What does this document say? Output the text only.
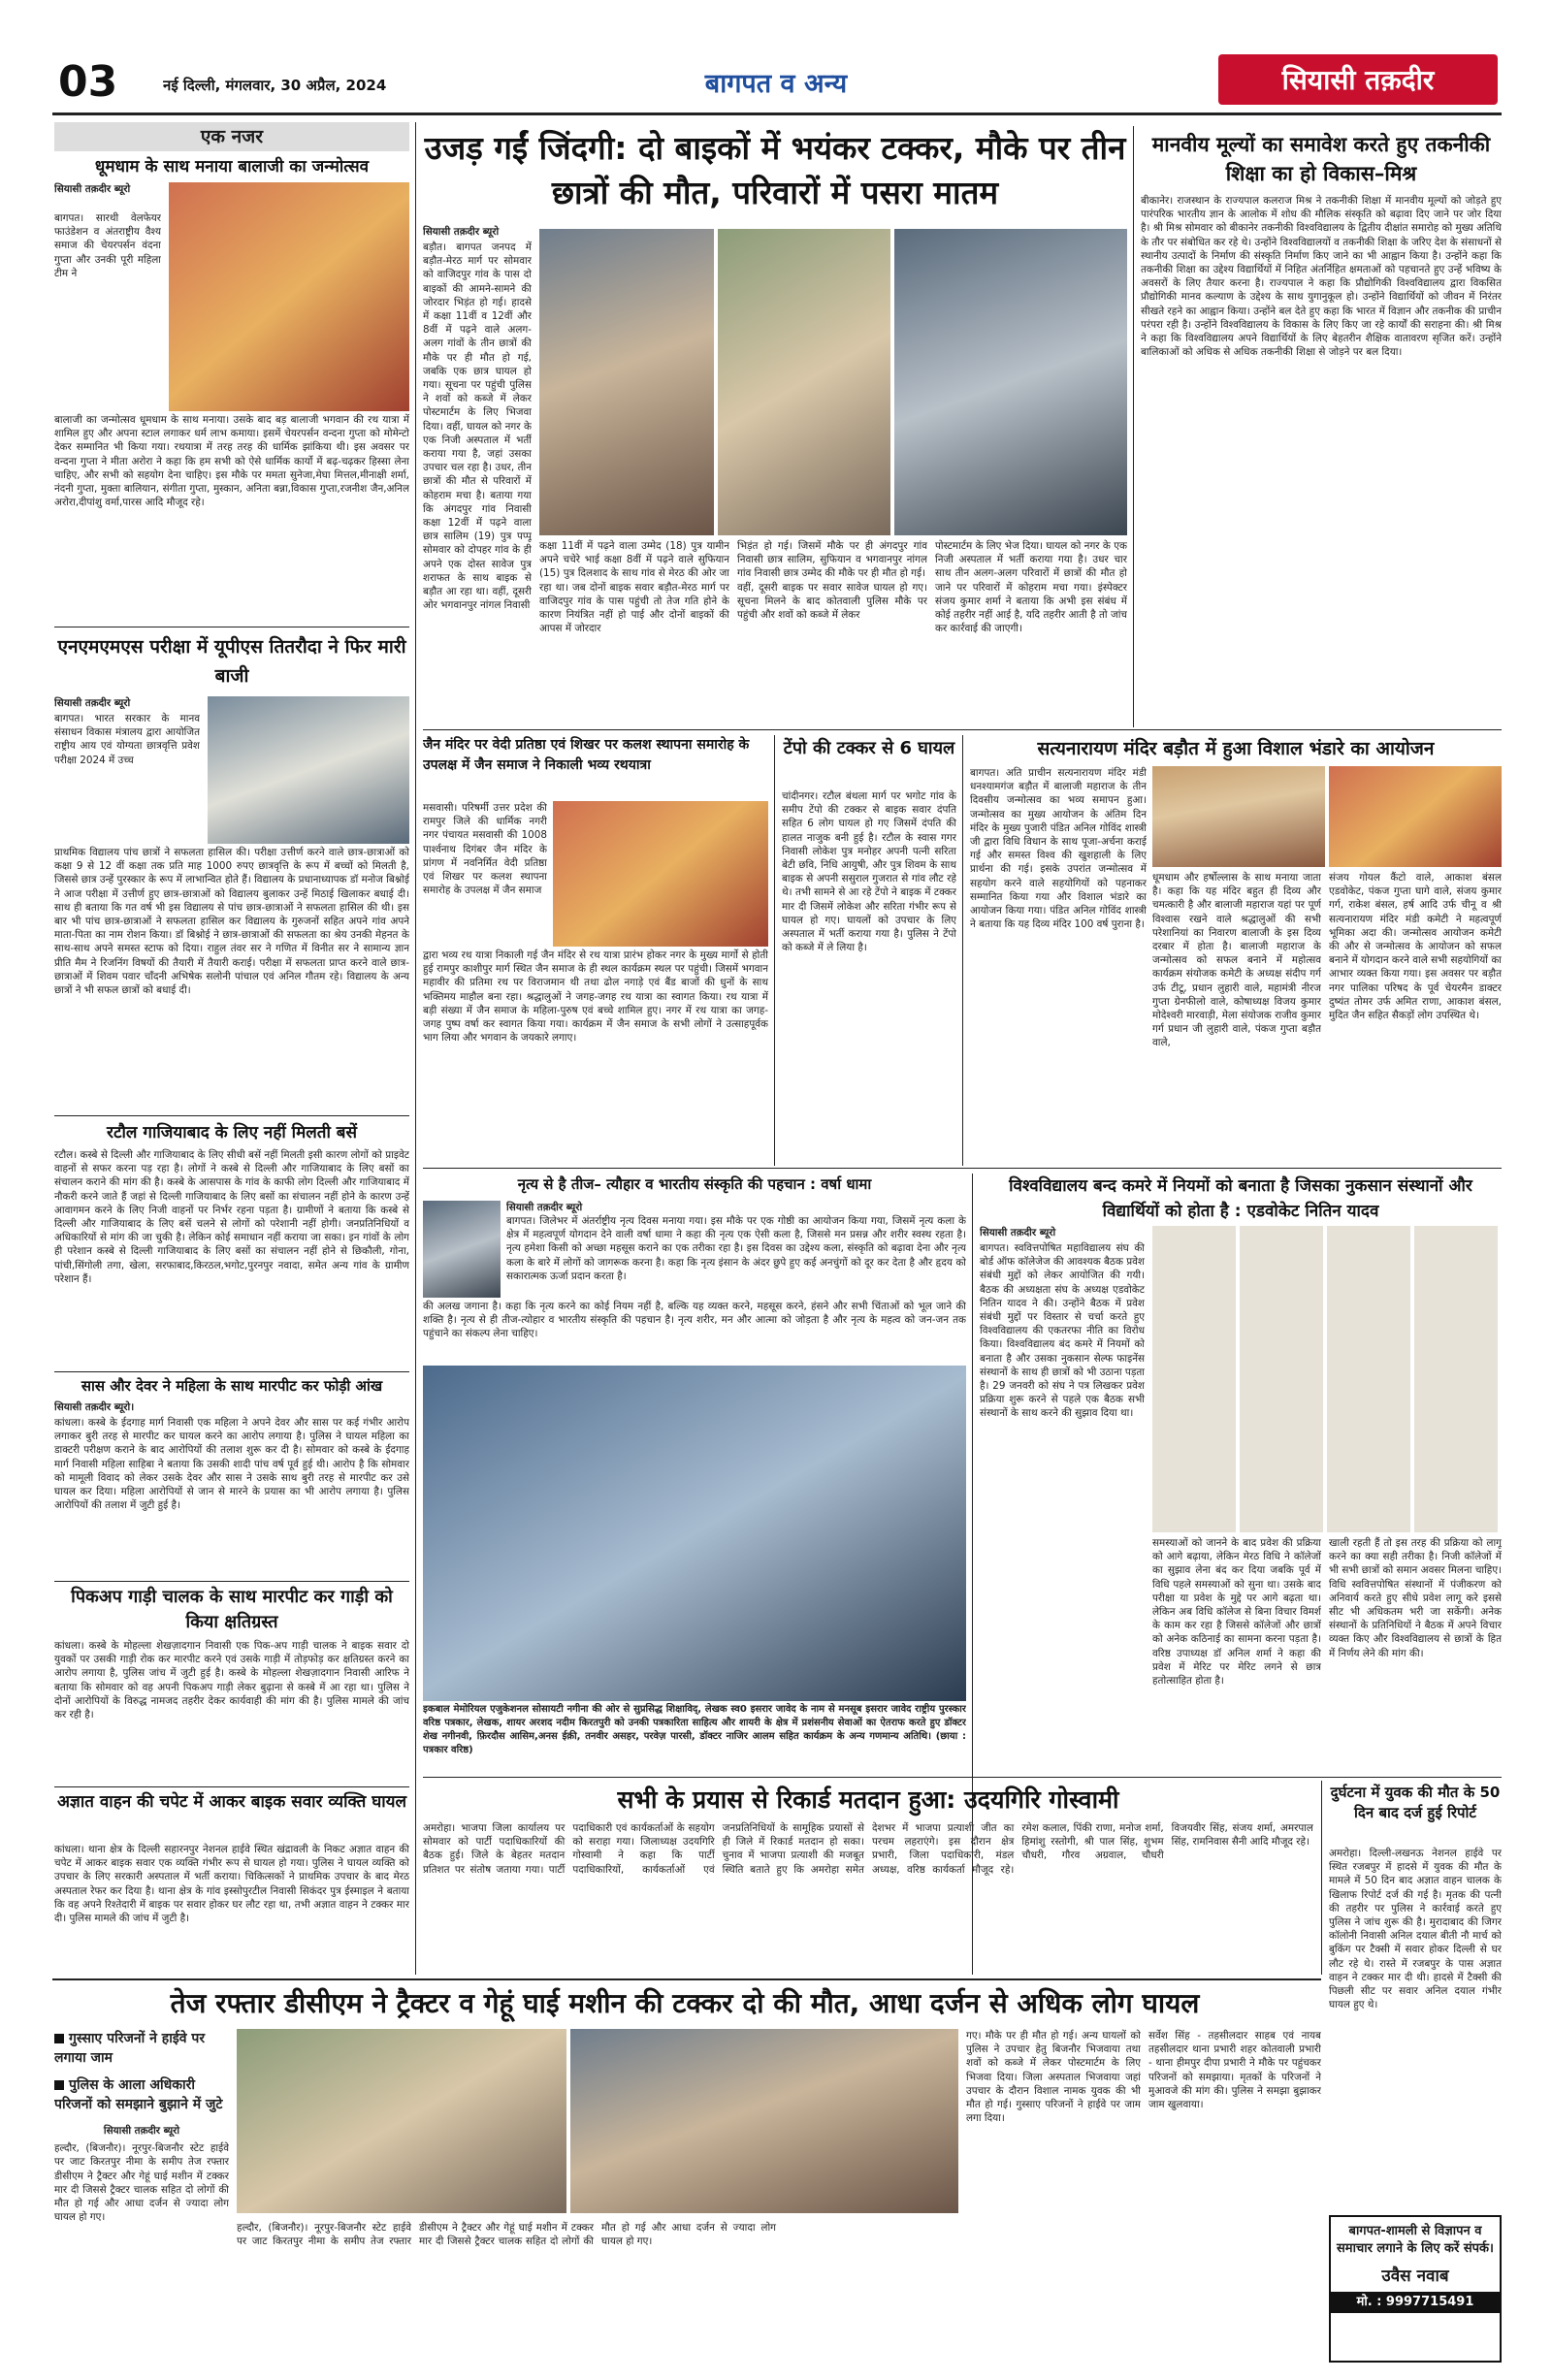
03	नई दिल्ली, मंगलवार, 30 अप्रैल, 2024	बागपत व अन्य	सियासी तक़दीर
एक नजर
धूमधाम के साथ मनाया बालाजी का जन्मोत्सव
सियासी तक़दीर ब्यूरो
बागपत। सारथी वेलफेयर फाउंडेशन व अंतराष्ट्रीय वैश्य समाज की चेयरपर्सन वंदना गुप्ता और उनकी पूरी महिला टीम ने
बालाजी का जन्मोत्सव धूमधाम के साथ मनाया। उसके बाद बड़ बालाजी भगवान की रथ यात्रा में शामिल हुए और अपना स्टाल लगाकर धर्म लाभ कमाया। इसमें चेयरपर्सन वन्दना गुप्ता को मोमेन्टो देकर सम्मानित भी किया गया। रथयात्रा में तरह तरह की धार्मिक झांकिया थी। इस अवसर पर वन्दना गुप्ता ने मीता अरोरा ने कहा कि हम सभी को ऐसे धार्मिक कार्यो में बढ़-चढ़कर हिस्सा लेना चाहिए, और सभी को सहयोग देना चाहिए। इस मौके पर ममता सुनेजा,मेघा मित्तल,मीनाक्षी शर्मा, नंदनी गुप्ता, मुक्ता बालियान, संगीता गुप्ता, मुस्कान, अनिता बन्ना,विकास गुप्ता,रजनीश जैन,अनिल अरोरा,दीपांशु वर्मा,पारस आदि मौजूद रहे।
एनएमएमएस परीक्षा में यूपीएस तितरौदा ने फिर मारी बाजी
सियासी तक़दीर ब्यूरो
बागपत। भारत सरकार के मानव संसाधन विकास मंत्रालय द्वारा आयोजित राष्ट्रीय आय एवं योग्यता छात्रवृत्ति प्रवेश परीक्षा 2024 में उच्च
प्राथमिक विद्यालय पांच छात्रों ने सफलता हासिल की। परीक्षा उत्तीर्ण करने वाले छात्र-छात्राओं को कक्षा 9 से 12 वीं कक्षा तक प्रति माह 1000 रुपए छात्रवृत्ति के रूप में बच्चों को मिलती है, जिससे छात्र उन्हें पुरस्कार के रूप में लाभान्वित होते हैं। विद्यालय के प्रधानाध्यापक डॉ मनोज बिश्नोई ने आज परीक्षा में उत्तीर्ण हुए छात्र-छात्राओं को विद्यालय बुलाकर उन्हें मिठाई खिलाकर बधाई दी। साथ ही बताया कि गत वर्ष भी इस विद्यालय से पांच छात्र-छात्राओं ने सफलता हासिल की थी। इस बार भी पांच छात्र-छात्राओं ने सफलता हासिल कर विद्यालय के गुरुजनों सहित अपने गांव अपने माता-पिता का नाम रोशन किया। डॉ बिश्नोई ने छात्र-छात्राओं की सफलता का श्रेय उनकी मेहनत के साथ-साथ अपने समस्त स्टाफ को दिया। राहुल तंवर सर ने गणित में विनीत सर ने सामान्य ज्ञान प्रीति मैम ने रिजनिंग विषयों की तैयारी में तैयारी कराई। परीक्षा में सफलता प्राप्त करने वाले छात्र-छात्राओं में शिवम पवार चाँदनी अभिषेक सलोनी पांचाल एवं अनिल गौतम रहे। विद्यालय के अन्य छात्रों ने भी सफल छात्रों को बधाई दी।
रटौल गाजियाबाद के लिए नहीं मिलती बसें
रटौल। कस्बे से दिल्ली और गाजियाबाद के लिए सीधी बसें नहीं मिलती इसी कारण लोगों को प्राइवेट वाहनों से सफर करना पड़ रहा है। लोगों ने कस्बे से दिल्ली और गाजियाबाद के लिए बसों का संचालन कराने की मांग की है। कस्बे के आसपास के गांव के काफी लोग दिल्ली और गाजियाबाद में नौकरी करने जाते हैं जहां से दिल्ली गाजियाबाद के लिए बसों का संचालन नहीं होने के कारण उन्हें आवागमन करने के लिए निजी वाहनों पर निर्भर रहना पड़ता है। ग्रामीणों ने बताया कि कस्बे से दिल्ली और गाजियाबाद के लिए बसें चलने से लोगों को परेशानी नहीं होगी। जनप्रतिनिधियों व अधिकारियों से मांग की जा चुकी है। लेकिन कोई समाधान नहीं कराया जा सका। इन गांवों के लोग ही परेशान कस्बे से दिल्ली गाजियाबाद के लिए बसों का संचालन नहीं होने से छिकौली, गोना, पांची,सिंगोली तगा, खेला, सरफाबाद,किरठल,भगोट,पुरनपुर नवादा, समेत अन्य गांव के ग्रामीण परेशान हैं।
सास और देवर ने महिला के साथ मारपीट कर फोड़ी आंख
सियासी तक़दीर ब्यूरो।
कांधला। कस्बे के ईदगाह मार्ग निवासी एक महिला ने अपने देवर और सास पर कई गंभीर आरोप लगाकर बुरी तरह से मारपीट कर घायल करने का आरोप लगाया है। पुलिस ने घायल महिला का डाक्टरी परीक्षण कराने के बाद आरोपियों की तलाश शुरू कर दी है। सोमवार को कस्बे के ईदगाह मार्ग निवासी महिला साहिबा ने बताया कि उसकी शादी पांच वर्ष पूर्व हुई थी। आरोप है कि सोमवार को मामूली विवाद को लेकर उसके देवर और सास ने उसके साथ बुरी तरह से मारपीट कर उसे घायल कर दिया। महिला आरोपियों से जान से मारने के प्रयास का भी आरोप लगाया है। पुलिस आरोपियों की तलाश में जुटी हुई है।
पिकअप गाड़ी चालक के साथ मारपीट कर गाड़ी को किया क्षतिग्रस्त
कांधला। कस्बे के मोहल्ला शेखज़ादगान निवासी एक पिक-अप गाड़ी चालक ने बाइक सवार दो युवकों पर उसकी गाड़ी रोक कर मारपीट करने एवं उसके गाड़ी में तोड़फोड़ कर क्षतिग्रस्त करने का आरोप लगाया है, पुलिस जांच में जुटी हुई है। कस्बे के मोहल्ला शेखज़ादगान निवासी आरिफ ने बताया कि सोमवार को वह अपनी पिकअप गाड़ी लेकर बुढ़ाना से कस्बे में आ रहा था। पुलिस ने दोनों आरोपियों के विरुद्ध नामजद तहरीर देकर कार्यवाही की मांग की है। पुलिस मामले की जांच कर रही है।
अज्ञात वाहन की चपेट में आकर बाइक सवार व्यक्ति घायल
कांधला। थाना क्षेत्र के दिल्ली सहारनपुर नेशनल हाईवे स्थित खंद्रावली के निकट अज्ञात वाहन की चपेट में आकर बाइक सवार एक व्यक्ति गंभीर रूप से घायल हो गया। पुलिस ने घायल व्यक्ति को उपचार के लिए सरकारी अस्पताल में भर्ती कराया। चिकित्सकों ने प्राथमिक उपचार के बाद मेरठ अस्पताल रेफर कर दिया है। थाना क्षेत्र के गांव इस्सोपुरटील निवासी सिकंदर पुत्र ईस्माइल ने बताया कि वह अपने रिश्तेदारी में बाइक पर सवार होकर घर लौट रहा था, तभी अज्ञात वाहन ने टक्कर मार दी। पुलिस मामले की जांच में जुटी है।
उजड़ गईं जिंदगी: दो बाइकों में भयंकर टक्कर, मौके पर तीन छात्रों की मौत, परिवारों में पसरा मातम
सियासी तक़दीर ब्यूरो
बड़ौत। बागपत जनपद में बड़ौत-मेरठ मार्ग पर सोमवार को वाजिदपुर गांव के पास दो बाइकों की आमने-सामने की जोरदार भिड़ंत हो गई। हादसे में कक्षा 11वीं व 12वीं और 8वीं में पढ़ने वाले अलग-अलग गांवों के तीन छात्रों की मौके पर ही मौत हो गई, जबकि एक छात्र घायल हो गया। सूचना पर पहुंची पुलिस ने शवों को कब्जे में लेकर पोस्टमार्टम के लिए भिजवा दिया। वहीं, घायल को नगर के एक निजी अस्पताल में भर्ती कराया गया है, जहां उसका उपचार चल रहा है। उधर, तीन छात्रों की मौत से परिवारों में कोहराम मचा है। बताया गया कि अंगदपुर गांव निवासी कक्षा 12वीं में पढ़ने वाला छात्र सालिम (19) पुत्र पप्पू सोमवार को दोपहर गांव के ही अपने एक दोस्त सावेज पुत्र शराफत के साथ बाइक से बड़ौत आ रहा था। वहीं, दूसरी ओर भगवानपुर नांगल निवासी
कक्षा 11वीं में पढ़ने वाला उम्मेद (18) पुत्र यामीन अपने चचेरे भाई कक्षा 8वीं में पढ़ने वाले सुफियान (15) पुत्र दिलशाद के साथ गांव से मेरठ की ओर जा रहा था। जब दोनों बाइक सवार बड़ौत-मेरठ मार्ग पर वाजिदपुर गांव के पास पहुंची तो तेज गति होने के कारण नियंत्रित नहीं हो पाई और दोनों बाइकों की आपस में जोरदार
भिड़ंत हो गई। जिसमें मौके पर ही अंगदपुर गांव निवासी छात्र सालिम, सुफियान व भगवानपुर नांगल गांव निवासी छात्र उम्मेद की मौके पर ही मौत हो गई।
वहीं, दूसरी बाइक पर सवार सावेज घायल हो गए। सूचना मिलने के बाद कोतवाली पुलिस मौके पर पहुंची और शवों को कब्जे में लेकर
पोस्टमार्टम के लिए भेज दिया। घायल को नगर के एक निजी अस्पताल में भर्ती कराया गया है। उधर चार साथ तीन अलग-अलग परिवारों में छात्रों की मौत हो जाने पर परिवारों में कोहराम मचा गया। इंस्पेक्टर संजय कुमार शर्मा ने बताया कि अभी इस संबंध में कोई तहरीर नहीं आई है, यदि तहरीर आती है तो जांच कर कार्रवाई की जाएगी।
मानवीय मूल्यों का समावेश करते हुए तकनीकी शिक्षा का हो विकास–मिश्र
बीकानेर। राजस्थान के राज्यपाल कलराज मिश्र ने तकनीकी शिक्षा में मानवीय मूल्यों को जोड़ते हुए पारंपरिक भारतीय ज्ञान के आलोक में शोध की मौलिक संस्कृति को बढ़ावा दिए जाने पर जोर दिया है। श्री मिश्र सोमवार को बीकानेर तकनीकी विश्वविद्यालय के द्वितीय दीक्षांत समारोह को मुख्य अतिथि के तौर पर संबोधित कर रहे थे। उन्होंने विश्वविद्यालयों व तकनीकी शिक्षा के जरिए देश के संसाधनों से स्थानीय उत्पादों के निर्माण की संस्कृति निर्माण किए जाने का भी आह्वान किया है। उन्होंने कहा कि तकनीकी शिक्षा का उद्देश्य विद्यार्थियों में निहित अंतर्निहित क्षमताओं को पहचानते हुए उन्हें भविष्य के अवसरों के लिए तैयार करना है। राज्यपाल ने कहा कि प्रौद्योगिकी विश्वविद्यालय द्वारा विकसित प्रौद्योगिकी मानव कल्याण के उद्देश्य के साथ युगानुकूल हो। उन्होंने विद्यार्थियों को जीवन में निरंतर सीखते रहने का आह्वान किया। उन्होंने बल देते हुए कहा कि भारत में विज्ञान और तकनीक की प्राचीन परंपरा रही है। उन्होंने विश्वविद्यालय के विकास के लिए किए जा रहे कार्यों की सराहना की। श्री मिश्र ने कहा कि विश्वविद्यालय अपने विद्यार्थियों के लिए बेहतरीन शैक्षिक वातावरण सृजित करें। उन्होंने बालिकाओं को अधिक से अधिक तकनीकी शिक्षा से जोड़ने पर बल दिया।
जैन मंदिर पर वेदी प्रतिष्ठा एवं शिखर पर कलश स्थापना समारोह के उपलक्ष में जैन समाज ने निकाली भव्य रथयात्रा
मसवासी। परिषर्मी उत्तर प्रदेश की रामपुर जिले की धार्मिक नगरी नगर पंचायत मसवासी की 1008 पार्श्वनाथ दिगंबर जैन मंदिर के प्रांगण में नवनिर्मित वेदी प्रतिष्ठा एवं शिखर पर कलश स्थापना समारोह के उपलक्ष में जैन समाज
द्वारा भव्य रथ यात्रा निकाली गई जैन मंदिर से रथ यात्रा प्रारंभ होकर नगर के मुख्य मार्गो से होती हुई रामपुर काशीपुर मार्ग स्थित जैन समाज के ही स्थल कार्यक्रम स्थल पर पहुंची। जिसमें भगवान महावीर की प्रतिमा रथ पर विराजमान थी तथा ढोल नगाड़े एवं बैंड बाजों की धुनों के साथ भक्तिमय माहौल बना रहा। श्रद्धालुओं ने जगह-जगह रथ यात्रा का स्वागत किया। रथ यात्रा में बड़ी संख्या में जैन समाज के महिला-पुरुष एवं बच्चे शामिल हुए। नगर में रथ यात्रा का जगह-जगह पुष्प वर्षा कर स्वागत किया गया। कार्यक्रम में जैन समाज के सभी लोगों ने उत्साहपूर्वक भाग लिया और भगवान के जयकारे लगाए।
टेंपो की टक्कर से 6 घायल
चांदीनगर। रटौल बंथला मार्ग पर भगोट गांव के समीप टेंपो की टक्कर से बाइक सवार दंपति सहित 6 लोग घायल हो गए जिसमें दंपति की हालत नाजुक बनी हुई है। रटौल के स्वास गगर निवासी लोकेश पुत्र मनोहर अपनी पत्नी सरिता बेटी छवि, निधि आयुषी, और पुत्र शिवम के साथ बाइक से अपनी ससुराल गुजरात से गांव लौट रहे थे। तभी सामने से आ रहे टेंपो ने बाइक में टक्कर मार दी जिसमें लोकेश और सरिता गंभीर रूप से घायल हो गए। घायलों को उपचार के लिए अस्पताल में भर्ती कराया गया है। पुलिस ने टेंपो को कब्जे में ले लिया है।
सत्यनारायण मंदिर बड़ौत में हुआ विशाल भंडारे का आयोजन
बागपत। अति प्राचीन सत्यनारायण मंदिर मंडी धनश्यामगंज बड़ौत में बालाजी महाराज के तीन दिवसीय जन्मोत्सव का भव्य समापन हुआ। जन्मोत्सव का मुख्य आयोजन के अंतिम दिन मंदिर के मुख्य पुजारी पंडित अनिल गोविंद शास्त्री जी द्वारा विधि विधान के साथ पूजा-अर्चना कराई गई और समस्त विश्व की खुशहाली के लिए प्रार्थना की गई। इसके उपरांत जन्मोत्सव में सहयोग करने वाले सहयोगियों को पहनाकर सम्मानित किया गया और विशाल भंडारे का आयोजन किया गया। पंडित अनिल गोविंद शास्त्री ने बताया कि यह दिव्य मंदिर 100 वर्ष पुराना है।
धूमधाम और हर्षोल्लास के साथ मनाया जाता है। कहा कि यह मंदिर बहुत ही दिव्य और चमत्कारी है और बालाजी महाराज यहां पर पूर्ण विश्वास रखने वाले श्रद्धालुओं की सभी परेशानियां का निवारण बालाजी के इस दिव्य दरबार में होता है। बालाजी महाराज के जन्मोत्सव को सफल बनाने में महोत्सव कार्यक्रम संयोजक कमेटी के अध्यक्ष संदीप गर्ग उर्फ टीटू, प्रधान लुहारी वाले, महामंत्री नीरज गुप्ता ग्रेनफीलो वाले, कोषाध्यक्ष विजय कुमार मोदेश्वरी मारवाड़ी, मेला संयोजक राजीव कुमार गर्ग प्रधान जी लुहारी वाले, पंकज गुप्ता बड़ौत वाले,
संजय गोयल कैंटो वाले, आकाश बंसल एडवोकेट, पंकज गुप्ता घागे वाले, संजय कुमार गर्ग, राकेश बंसल, हर्ष आदि उर्फ चीनू व श्री सत्यनारायण मंदिर मंडी कमेटी ने महत्वपूर्ण भूमिका अदा की। जन्मोत्सव आयोजन कमेटी की और से जन्मोत्सव के आयोजन को सफल बनाने में योगदान करने वाले सभी सहयोगियों का आभार व्यक्त किया गया। इस अवसर पर बड़ौत नगर पालिका परिषद के पूर्व चेयरमैन डाक्टर दुष्यंत तोमर उर्फ अमित राणा, आकाश बंसल, मुदित जैन सहित सैकड़ों लोग उपस्थित थे।
नृत्य से है तीज– त्यौहार व भारतीय संस्कृति की पहचान : वर्षा धामा
सियासी तक़दीर ब्यूरो
बागपत। जिलेभर में अंतर्राष्ट्रीय नृत्य दिवस मनाया गया। इस मौके पर एक गोष्ठी का आयोजन किया गया, जिसमें नृत्य कला के क्षेत्र में महत्वपूर्ण योगदान देने वाली वर्षा धामा ने कहा की नृत्य एक ऐसी कला है, जिससे मन प्रसन्न और शरीर स्वस्थ रहता है। नृत्य हमेशा किसी को अच्छा महसूस कराने का एक तरीका रहा है। इस दिवस का उद्देश्य कला, संस्कृति को बढ़ावा देना और नृत्य कला के बारे में लोगों को जागरूक करना है। कहा कि नृत्य इंसान के अंदर छुपे हुए कई अनचुंगों को दूर कर देता है और हृदय को सकारात्मक ऊर्जा प्रदान करता है।
की अलख जगाना है। कहा कि नृत्य करने का कोई नियम नहीं है, बल्कि यह व्यक्त करने, महसूस करने, हंसने और सभी चिंताओं को भूल जाने की शक्ति है। नृत्य से ही तीज-त्योहार व भारतीय संस्कृति की पहचान है। नृत्य शरीर, मन और आत्मा को जोड़ता है और नृत्य के महत्व को जन-जन तक पहुंचाने का संकल्प लेना चाहिए।
इकबाल मेमोरियल एजुकेशनल सोसायटी नगीना की ओर से सुप्रसिद्ध शिक्षाविद्, लेखक स्व0 इसरार जावेद के नाम से मनसूब इसरार जावेद राष्ट्रीय पुरस्कार वरिष्ठ पत्रकार, लेखक, शायर अरशद नदीम किरतपुरी को उनकी पत्रकारिता साहित्य और शायरी के क्षेत्र में प्रशंसनीय सेवाओं का ऐतराफ करते हुए डॉक्टर शेख नगीनवी, फ़िरदौस आसिम,अनस ईक़ी, तनवीर असहर, परवेज़ पारसी, डॉक्टर नाजिर आलम सहित कार्यक्रम के अन्य गणमान्य अतिथि। (छाया : पत्रकार वरिष्ठ)
विश्वविद्यालय बन्द कमरे में नियमों को बनाता है जिसका नुकसान संस्थानों और विद्यार्थियों को होता है : एडवोकेट नितिन यादव
सियासी तक़दीर ब्यूरो
बागपत। स्ववित्तपोषित महाविद्यालय संघ की बोर्ड ऑफ कॉलेजेज की आवश्यक बैठक प्रवेश संबंधी मुद्दों को लेकर आयोजित की गयी। बैठक की अध्यक्षता संघ के अध्यक्ष एडवोकेट नितिन यादव ने की। उन्होंने बैठक में प्रवेश संबंधी मुद्दों पर विस्तार से चर्चा करते हुए विश्वविद्यालय की एकतरफा नीति का विरोध किया। विश्वविद्यालय बंद कमरे में नियमों को बनाता है और उसका नुकसान सेल्फ फाइनेंस संस्थानों के साथ ही छात्रों को भी उठाना पड़ता है। 29 जनवरी को संघ ने पत्र लिखकर प्रवेश प्रक्रिया शुरू करने से पहले एक बैठक सभी संस्थानों के साथ करने की सुझाव दिया था।
समस्याओं को जानने के बाद प्रवेश की प्रक्रिया को आगे बढ़ाया, लेकिन मेरठ विधि ने कॉलेजों का सुझाव लेना बंद कर दिया जबकि पूर्व में विधि पहले समस्याओं को सुना था। उसके बाद परीक्षा या प्रवेश के मुद्दे पर आगे बढ़ता था। लेकिन अब विधि कॉलेज से बिना विचार विमर्श के काम कर रहा है जिससे कॉलेजों और छात्रों को अनेक कठिनाई का सामना करना पड़ता है। वरिष्ठ उपाध्यक्ष डॉ अनिल शर्मा ने कहा की प्रवेश में मेरिट पर मेरिट लगने से छात्र हतोत्साहित होता है।
खाली रहती हैं तो इस तरह की प्रक्रिया को लागू करने का क्या सही तरीका है। निजी कॉलेजों में भी सभी छात्रों को समान अवसर मिलना चाहिए। विधि स्ववित्तपोषित संस्थानों में पंजीकरण को अनिवार्य करते हुए सीधे प्रवेश लागू करे इससे सीट भी अधिकतम भरी जा सकेंगी। अनेक संस्थानों के प्रतिनिधियों ने बैठक में अपने विचार व्यक्त किए और विश्वविद्यालय से छात्रों के हित में निर्णय लेने की मांग की।
सभी के प्रयास से रिकार्ड मतदान हुआ: उदयगिरि गोस्वामी
अमरोहा। भाजपा जिला कार्यालय पर सोमवार को पार्टी पदाधिकारियों की बैठक हुई। जिले के बेहतर मतदान प्रतिशत पर संतोष जताया गया। पार्टी पदाधिकारी एवं कार्यकर्ताओं के सहयोग को सराहा गया। जिलाध्यक्ष उदयगिरि गोस्वामी ने कहा कि पार्टी पदाधिकारियों, कार्यकर्ताओं एवं जनप्रतिनिधियों के सामूहिक प्रयासों से ही जिले में रिकार्ड मतदान हो सका। चुनाव में भाजपा प्रत्याशी की मजबूत स्थिति बताते हुए कि अमरोहा समेत देशभर में भाजपा प्रत्याशी जीत का परचम लहराएंगे। इस दौरान क्षेत्र प्रभारी, जिला पदाधिकारी, मंडल अध्यक्ष, वरिष्ठ कार्यकर्ता मौजूद रहे। रमेश कलाल, पिंकी राणा, मनोज शर्मा, हिमांशु रस्तोगी, श्री पाल सिंह, शुभम चौधरी, गौरव अग्रवाल, चौधरी विजयवीर सिंह, संजय शर्मा, अमरपाल सिंह, रामनिवास सैनी आदि मौजूद रहे।
दुर्घटना में युवक की मौत के 50 दिन बाद दर्ज हुई रिपोर्ट
अमरोहा। दिल्ली-लखनऊ नेशनल हाईवे पर स्थित रजबपुर में हादसे में युवक की मौत के मामले में 50 दिन बाद अज्ञात वाहन चालक के खिलाफ रिपोर्ट दर्ज की गई है। मृतक की पत्नी की तहरीर पर पुलिस ने कार्रवाई करते हुए पुलिस ने जांच शुरू की है। मुरादाबाद की जिगर कॉलोनी निवासी अनिल दयाल बीती नौ मार्च को बुकिंग पर टैक्सी में सवार होकर दिल्ली से घर लौट रहे थे। रास्ते में रजबपुर के पास अज्ञात वाहन ने टक्कर मार दी थी। हादसे में टैक्सी की पिछली सीट पर सवार अनिल दयाल गंभीर घायल हुए थे।
तेज रफ्तार डीसीएम ने ट्रैक्टर व गेहूं घाई मशीन की टक्कर दो की मौत, आधा दर्जन से अधिक लोग घायल
गुस्साए परिजनों ने हाईवे पर लगाया जाम
पुलिस के आला अधिकारी परिजनों को समझाने बुझाने में जुटे
सियासी तक़दीर ब्यूरो
हल्दौर, (बिजनौर)। नूरपुर-बिजनौर स्टेट हाईवे पर जाट किरतपुर नीमा के समीप तेज रफ्तार डीसीएम ने ट्रैक्टर और गेहूं घाई मशीन में टक्कर मार दी जिससे ट्रैक्टर चालक सहित दो लोगों की मौत हो गई और आधा दर्जन से ज्यादा लोग घायल हो गए।
गए। मौके पर ही मौत हो गई। अन्य घायलों को पुलिस ने उपचार हेतु बिजनौर भिजवाया तथा शवों को कब्जे में लेकर पोस्टमार्टम के लिए भिजवा दिया। जिला अस्पताल भिजवाया जहां उपचार के दौरान विशाल नामक युवक की भी मौत हो गई। गुस्साए परिजनों ने हाईवे पर जाम लगा दिया।
सर्वेश सिंह - तहसीलदार साहब एवं नायब तहसीलदार थाना प्रभारी शहर कोतवाली प्रभारी - थाना हीमपुर दीपा प्रभारी ने मौके पर पहुंचकर परिजनों को समझाया। मृतकों के परिजनों ने मुआवजे की मांग की। पुलिस ने समझा बुझाकर जाम खुलवाया।
हल्दौर, (बिजनौर)। नूरपुर-बिजनौर स्टेट हाईवे पर जाट किरतपुर नीमा के समीप तेज रफ्तार डीसीएम ने ट्रैक्टर और गेहूं घाई मशीन में टक्कर मार दी जिससे ट्रैक्टर चालक सहित दो लोगों की मौत हो गई और आधा दर्जन से ज्यादा लोग घायल हो गए।
बागपत-शामली से विज्ञापन व समाचार लगाने के लिए करें संपर्क।
उवैस नवाब
मो. : 9997715491
